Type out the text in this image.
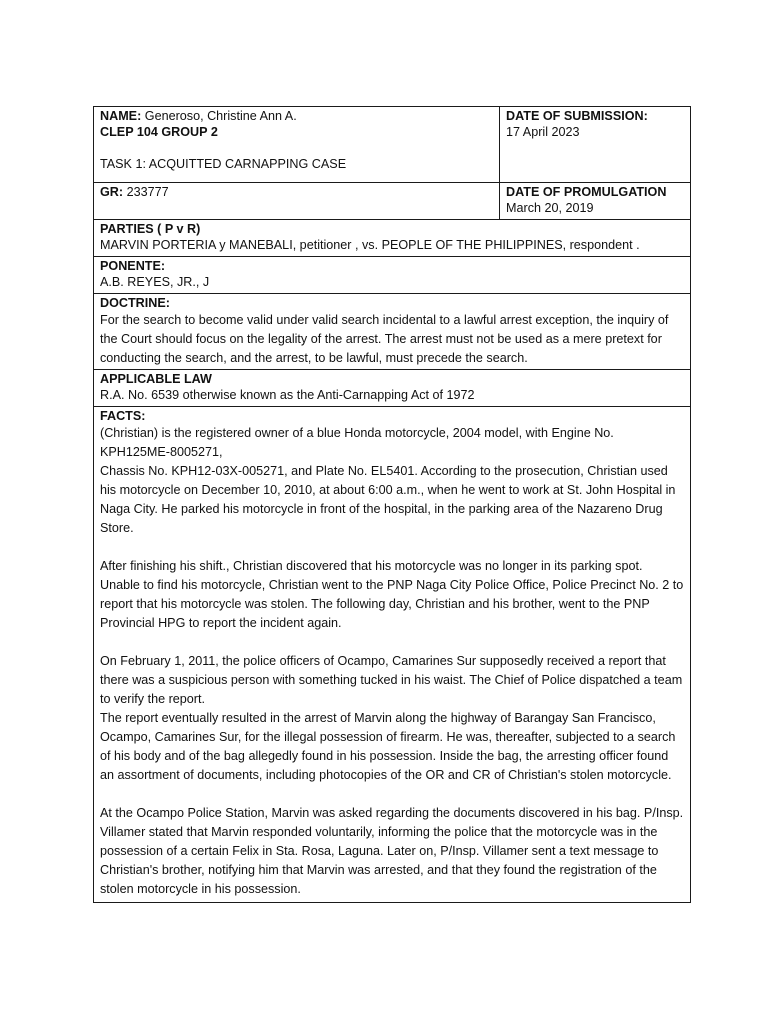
NAME: Generoso, Christine Ann A.
CLEP 104 GROUP 2
TASK 1: ACQUITTED CARNAPPING CASE
DATE OF SUBMISSION:
17 April 2023
GR: 233777	DATE OF PROMULGATION
March 20, 2019
PARTIES ( P v R)
MARVIN PORTERIA y MANEBALI, petitioner , vs. PEOPLE OF THE PHILIPPINES, respondent .
PONENTE:
A.B. REYES, JR., J
DOCTRINE:
For the search to become valid under valid search incidental to a lawful arrest exception, the inquiry of the Court should focus on the legality of the arrest. The arrest must not be used as a mere pretext for conducting the search, and the arrest, to be lawful, must precede the search.
APPLICABLE LAW
R.A. No. 6539 otherwise known as the Anti-Carnapping Act of 1972
FACTS:
(Christian) is the registered owner of a blue Honda motorcycle, 2004 model, with Engine No. KPH125ME-8005271,
Chassis No. KPH12-03X-005271, and Plate No. EL5401. According to the prosecution, Christian used his motorcycle on December 10, 2010, at about 6:00 a.m., when he went to work at St. John Hospital in Naga City. He parked his motorcycle in front of the hospital, in the parking area of the Nazareno Drug Store.
After finishing his shift., Christian discovered that his motorcycle was no longer in its parking spot. Unable to find his motorcycle, Christian went to the PNP Naga City Police Office, Police Precinct No. 2 to report that his motorcycle was stolen. The following day, Christian and his brother, went to the PNP Provincial HPG to report the incident again.
On February 1, 2011, the police officers of Ocampo, Camarines Sur supposedly received a report that there was a suspicious person with something tucked in his waist. The Chief of Police dispatched a team to verify the report.
The report eventually resulted in the arrest of Marvin along the highway of Barangay San Francisco, Ocampo, Camarines Sur, for the illegal possession of firearm. He was, thereafter, subjected to a search of his body and of the bag allegedly found in his possession. Inside the bag, the arresting officer found an assortment of documents, including photocopies of the OR and CR of Christian's stolen motorcycle.
At the Ocampo Police Station, Marvin was asked regarding the documents discovered in his bag. P/Insp. Villamer stated that Marvin responded voluntarily, informing the police that the motorcycle was in the possession of a certain Felix in Sta. Rosa, Laguna. Later on, P/Insp. Villamer sent a text message to Christian's brother, notifying him that Marvin was arrested, and that they found the registration of the stolen motorcycle in his possession.
